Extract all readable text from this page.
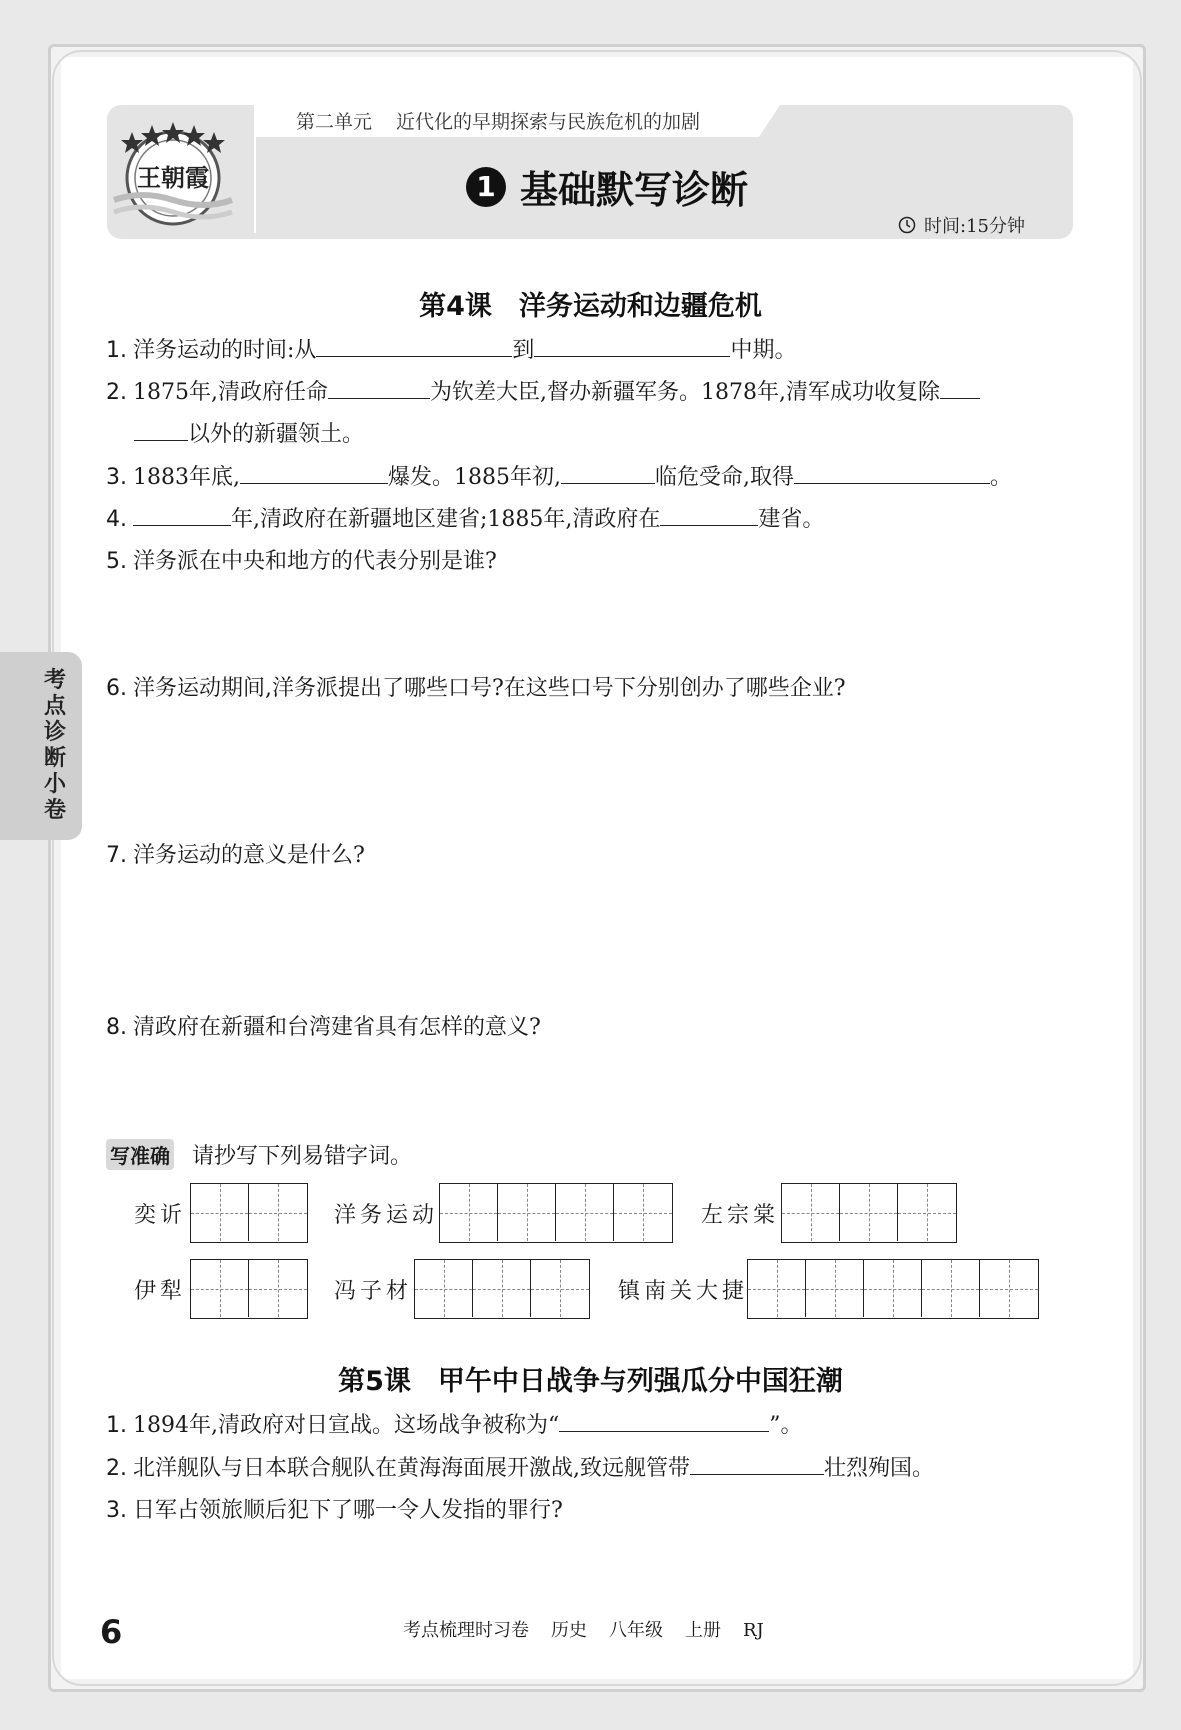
王朝霞
第二单元 近代化的早期探索与民族危机的加剧
1 基础默写诊断
时间:15分钟
考点诊断小卷
第4课　洋务运动和边疆危机
1. 洋务运动的时间:从	到	中期。
2. 1875年,清政府任命	为钦差大臣,督办新疆军务。1878年,清军成功收复除
以外的新疆领土。
3. 1883年底,	爆发。1885年初,	临危受命,取得	。
4.	年,清政府在新疆地区建省;1885年,清政府在	建省。
5. 洋务派在中央和地方的代表分别是谁?
6. 洋务运动期间,洋务派提出了哪些口号?在这些口号下分别创办了哪些企业?
7. 洋务运动的意义是什么?
8. 清政府在新疆和台湾建省具有怎样的意义?
写准确 请抄写下列易错字词。
奕䜣	洋务运动	左宗棠
伊犁	冯子材	镇南关大捷
第5课　甲午中日战争与列强瓜分中国狂潮
1. 1894年,清政府对日宣战。这场战争被称为“	”。
2. 北洋舰队与日本联合舰队在黄海海面展开激战,致远舰管带	壮烈殉国。
3. 日军占领旅顺后犯下了哪一令人发指的罪行?
6	考点梳理时习卷 历史 八年级 上册 RJ
